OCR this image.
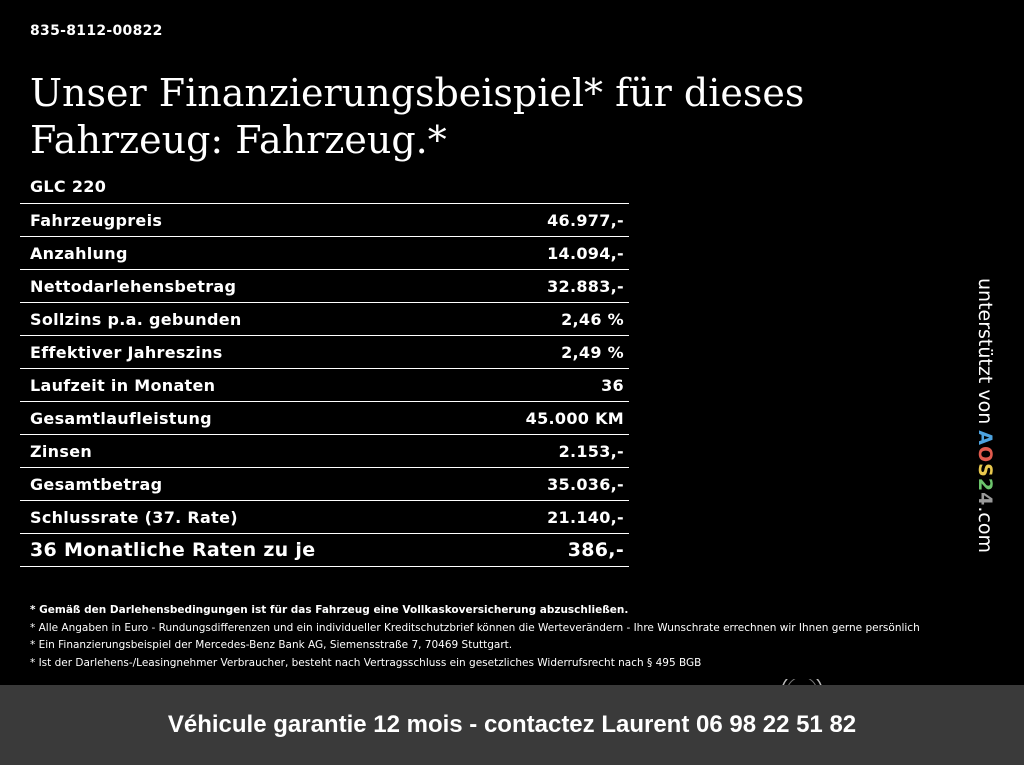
835-8112-00822
Unser Finanzierungsbeispiel* für dieses Fahrzeug: Fahrzeug.*
GLC 220
Fahrzeugpreis	46.977,-
Anzahlung	14.094,-
Nettodarlehensbetrag	32.883,-
Sollzins p.a. gebunden	2,46 %
Effektiver Jahreszins	2,49 %
Laufzeit in Monaten	36
Gesamtlaufleistung	45.000 KM
Zinsen	2.153,-
Gesamtbetrag	35.036,-
Schlussrate (37. Rate)	21.140,-
36 Monatliche Raten zu je	386,-
* Gemäß den Darlehensbedingungen ist für das Fahrzeug eine Vollkaskoversicherung abzuschließen.
* Alle Angaben in Euro - Rundungsdifferenzen und ein individueller Kreditschutzbrief können die Werteverändern - Ihre Wunschrate errechnen wir Ihnen gerne persönlich
* Ein Finanzierungsbeispiel der Mercedes-Benz Bank AG, Siemensstraße 7, 70469 Stuttgart.
* Ist der Darlehens-/Leasingnehmer Verbraucher, besteht nach Vertragsschluss ein gesetzliches Widerrufsrecht nach § 495 BGB
unterstützt von AOS24.com
Véhicule garantie 12 mois - contactez Laurent 06 98 22 51 82
